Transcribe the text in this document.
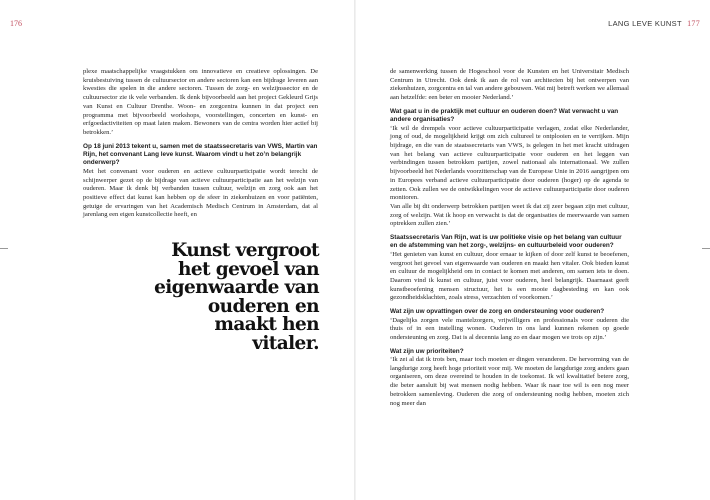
176	LANG LEVE KUNST 177

plexe maatschappelijke vraagstukken om innovatieve en creatieve oplossingen. De kruisbestuiving tussen de cultuursector en andere sectoren kan een bijdrage leveren aan kwesties die spelen in die andere sectoren. Tussen de zorg- en welzijnssector en de cultuursector zie ik vele verbanden. Ik denk bijvoorbeeld aan het project Gekleurd Grijs van Kunst en Cultuur Drenthe. Woon- en zorgcentra kunnen in dat project een programma met bijvoorbeeld workshops, voorstellingen, concerten en kunst- en erfgoedactiviteiten op maat laten maken. Bewoners van de centra worden hier actief bij betrokken.’

Op 18 juni 2013 tekent u, samen met de staatssecretaris van VWS, Martin van Rijn, het convenant Lang leve kunst. Waarom vindt u het zo’n belangrijk onderwerp?

Met het convenant voor ouderen en actieve cultuurparticipatie wordt terecht de schijnwerper gezet op de bijdrage van actieve cultuurparticipatie aan het welzijn van ouderen. Maar ik denk bij verbanden tussen cultuur, welzijn en zorg ook aan het positieve effect dat kunst kan hebben op de sfeer in ziekenhuizen en voor patiënten, getuige de ervaringen van het Academisch Medisch Centrum in Amsterdam, dat al jarenlang een eigen kunstcollectie heeft, en

Kunst vergroot het gevoel van eigenwaarde van ouderen en maakt hen vitaler.

de samenwerking tussen de Hogeschool voor de Kunsten en het Universitair Medisch Centrum in Utrecht. Ook denk ik aan de rol van architecten bij het ontwerpen van ziekenhuizen, zorgcentra en tal van andere gebouwen. Wat mij betreft werken we allemaal aan hetzelfde: een beter en mooier Nederland.’

Wat gaat u in de praktijk met cultuur en ouderen doen? Wat verwacht u van andere organisaties?

‘Ik wil de drempels voor actieve cultuurparticipatie verlagen, zodat elke Nederlander, jong of oud, de mogelijkheid krijgt om zich cultureel te ontplooien en te verrijken. Mijn bijdrage, en die van de staatssecretaris van VWS, is gelegen in het met kracht uitdragen van het belang van actieve cultuurparticipatie voor ouderen en het leggen van verbindingen tussen betrokken partijen, zowel nationaal als internationaal. We zullen bijvoorbeeld het Nederlands voorzitterschap van de Europese Unie in 2016 aangrijpen om in Europees verband actieve cultuurparticipatie door ouderen (hoger) op de agenda te zetten. Ook zullen we de ontwikkelingen voor de actieve cultuurparticipatie door ouderen monitoren.

Van alle bij dit onderwerp betrokken partijen weet ik dat zij zeer begaan zijn met cultuur, zorg of welzijn. Wat ik hoop en verwacht is dat de organisaties de meerwaarde van samen optrekken zullen zien.’

Staatssecretaris Van Rijn, wat is uw politieke visie op het belang van cultuur en de afstemming van het zorg-, welzijns- en cultuurbeleid voor ouderen?

‘Het genieten van kunst en cultuur, door ernaar te kijken of door zelf kunst te beoefenen, vergroot het gevoel van eigenwaarde van ouderen en maakt hen vitaler. Ook bieden kunst en cultuur de mogelijkheid om in contact te komen met anderen, om samen iets te doen. Daarom vind ik kunst en cultuur, juist voor ouderen, heel belangrijk. Daarnaast geeft kunstbeoefening mensen structuur, het is een mooie dagbesteding en kan ook gezondheidsklachten, zoals stress, verzachten of voorkomen.’

Wat zijn uw opvattingen over de zorg en ondersteuning voor ouderen?

‘Dagelijks zorgen vele mantelzorgers, vrijwilligers en professionals voor ouderen die thuis of in een instelling wonen. Ouderen in ons land kunnen rekenen op goede ondersteuning en zorg. Dat is al decennia lang zo en daar mogen we trots op zijn.’

Wat zijn uw prioriteiten?

‘Ik zei al dat ik trots ben, maar toch moeten er dingen veranderen. De hervorming van de langdurige zorg heeft hoge prioriteit voor mij. We moeten de langdurige zorg anders gaan organiseren, om deze overeind te houden in de toekomst. Ik wil kwalitatief betere zorg, die beter aansluit bij wat mensen nodig hebben. Waar ik naar toe wil is een nog meer betrokken samenleving. Ouderen die zorg of ondersteuning nodig hebben, moeten zich nog meer dan
